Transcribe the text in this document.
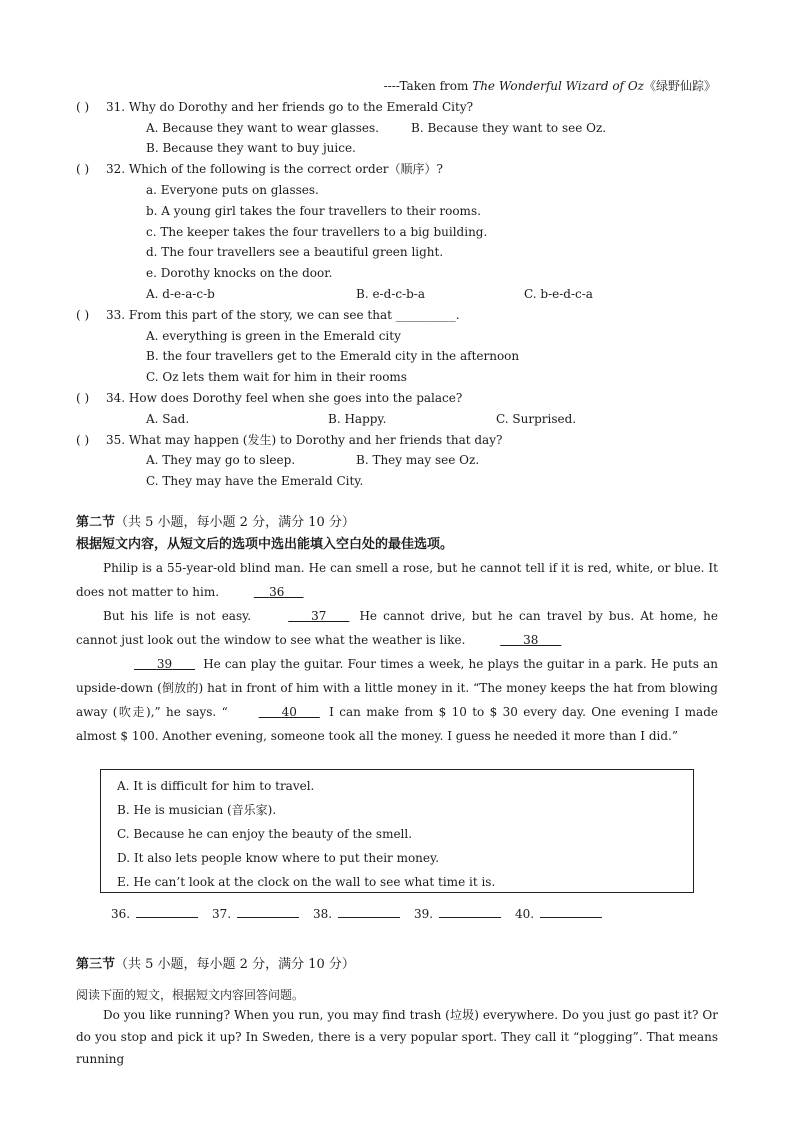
----Taken from The Wonderful Wizard of Oz《绿野仙踪》
( ) 31. Why do Dorothy and her friends go to the Emerald City?
A. Because they want to wear glasses.	B. Because they want to see Oz.
B. Because they want to buy juice.
( ) 32. Which of the following is the correct order（顺序）?
a. Everyone puts on glasses.
b. A young girl takes the four travellers to their rooms.
c. The keeper takes the four travellers to a big building.
d. The four travellers see a beautiful green light.
e. Dorothy knocks on the door.
A. d-e-a-c-b	B. e-d-c-b-a	C. b-e-d-c-a
( ) 33. From this part of the story, we can see that __________.
A. everything is green in the Emerald city
B. the four travellers get to the Emerald city in the afternoon
C. Oz lets them wait for him in their rooms
( ) 34. How does Dorothy feel when she goes into the palace?
A. Sad.	B. Happy.	C. Surprised.
( ) 35. What may happen (发生) to Dorothy and her friends that day?
A. They may go to sleep.	B. They may see Oz.
C. They may have the Emerald City.
第二节（共 5 小题，每小题 2 分，满分 10 分）
根据短文内容，从短文后的选项中选出能填入空白处的最佳选项。
Philip is a 55-year-old blind man. He can smell a rose, but he cannot tell if it is red, white, or blue. It does not matter to him.	36
But his life is not easy.	37	He cannot drive, but he can travel by bus. At home, he cannot just look out the window to see what the weather is like.	38
39	He can play the guitar. Four times a week, he plays the guitar in a park. He puts an upside-down (倒放的) hat in front of him with a little money in it. “The money keeps the hat from blowing away (吹走),” he says. “	40	I can make from $ 10 to $ 30 every day. One evening I made almost $ 100. Another evening, someone took all the money. I guess he needed it more than I did.”
A. It is difficult for him to travel.
B. He is musician (音乐家).
C. Because he can enjoy the beauty of the smell.
D. It also lets people know where to put their money.
E. He can’t look at the clock on the wall to see what time it is.
36.	37.	38.	39.	40.
第三节（共 5 小题，每小题 2 分，满分 10 分）
阅读下面的短文，根据短文内容回答问题。
Do you like running? When you run, you may find trash (垃圾) everywhere. Do you just go past it? Or do you stop and pick it up? In Sweden, there is a very popular sport. They call it “plogging”. That means running
